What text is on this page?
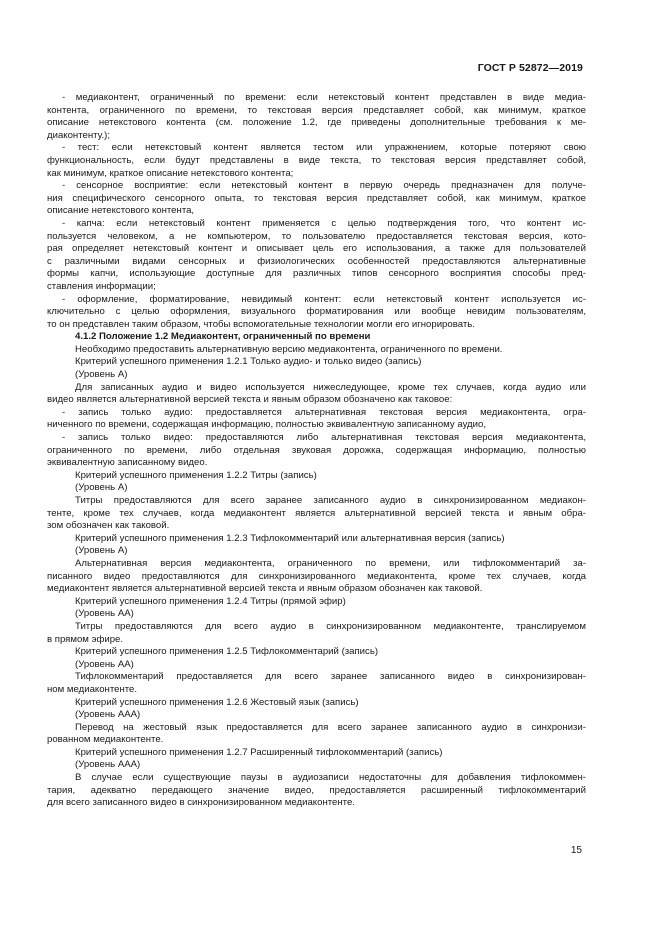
ГОСТ Р 52872—2019
- медиаконтент, ограниченный по времени: если нетекстовый контент представлен в виде медиа-
контента, ограниченного по времени, то текстовая версия представляет собой, как минимум, краткое
описание нетекстового контента (см. положение 1.2, где приведены дополнительные требования к ме-
диаконтенту.);
- тест: если нетекстовый контент является тестом или упражнением, которые потеряют свою
функциональность, если будут представлены в виде текста, то текстовая версия представляет собой,
как минимум, краткое описание нетекстового контента;
- сенсорное восприятие: если нетекстовый контент в первую очередь предназначен для получе-
ния специфического сенсорного опыта, то текстовая версия представляет собой, как минимум, краткое
описание нетекстового контента,
- капча: если нетекстовый контент применяется с целью подтверждения того, что контент ис-
пользуется человеком, а не компьютером, то пользователю предоставляется текстовая версия, кото-
рая определяет нетекстовый контент и описывает цель его использования, а также для пользователей
с различными видами сенсорных и физиологических особенностей предоставляются альтернативные
формы капчи, использующие доступные для различных типов сенсорного восприятия способы пред-
ставления информации;
- оформление, форматирование, невидимый контент: если нетекстовый контент используется ис-
ключительно с целью оформления, визуального форматирования или вообще невидим пользователям,
то он представлен таким образом, чтобы вспомогательные технологии могли его игнорировать.
4.1.2 Положение 1.2 Медиаконтент, ограниченный по времени
Необходимо предоставить альтернативную версию медиаконтента, ограниченного по времени.
Критерий успешного применения 1.2.1 Только аудио- и только видео (запись)
(Уровень А)
Для записанных аудио и видео используется нижеследующее, кроме тех случаев, когда аудио или
видео является альтернативной версией текста и явным образом обозначено как таковое:
- запись только аудио: предоставляется альтернативная текстовая версия медиаконтента, огра-
ниченного по времени, содержащая информацию, полностью эквивалентную записанному аудио,
- запись только видео: предоставляются либо альтернативная текстовая версия медиаконтента,
ограниченного по времени, либо отдельная звуковая дорожка, содержащая информацию, полностью
эквивалентную записанному видео.
Критерий успешного применения 1.2.2 Титры (запись)
(Уровень А)
Титры предоставляются для всего заранее записанного аудио в синхронизированном медиакон-
тенте, кроме тех случаев, когда медиаконтент является альтернативной версией текста и явным обра-
зом обозначен как таковой.
Критерий успешного применения 1.2.3 Тифлокомментарий или альтернативная версия (запись)
(Уровень А)
Альтернативная версия медиаконтента, ограниченного по времени, или тифлокомментарий за-
писанного видео предоставляются для синхронизированного медиаконтента, кроме тех случаев, когда
медиаконтент является альтернативной версией текста и явным образом обозначен как таковой.
Критерий успешного применения 1.2.4 Титры (прямой эфир)
(Уровень АА)
Титры предоставляются для всего аудио в синхронизированном медиаконтенте, транслируемом
в прямом эфире.
Критерий успешного применения 1.2.5 Тифлокомментарий (запись)
(Уровень АА)
Тифлокомментарий предоставляется для всего заранее записанного видео в синхронизирован-
ном медиаконтенте.
Критерий успешного применения 1.2.6 Жестовый язык (запись)
(Уровень ААА)
Перевод на жестовый язык предоставляется для всего заранее записанного аудио в синхронизи-
рованном медиаконтенте.
Критерий успешного применения 1.2.7 Расширенный тифлокомментарий (запись)
(Уровень ААА)
В случае если существующие паузы в аудиозаписи недостаточны для добавления тифлокоммен-
тария, адекватно передающего значение видео, предоставляется расширенный тифлокомментарий
для всего записанного видео в синхронизированном медиаконтенте.
15
